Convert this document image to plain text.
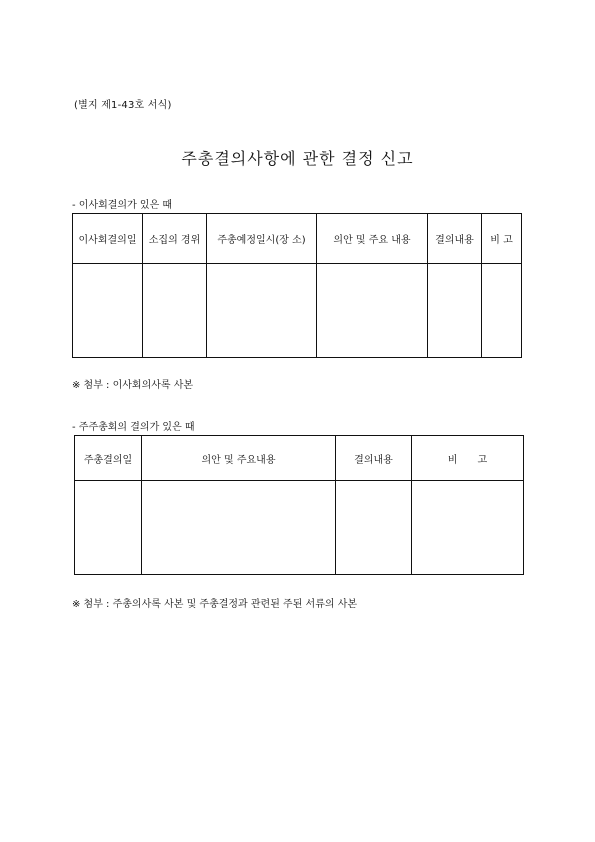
(별지 제1-43호 서식)
주총결의사항에 관한 결정 신고
- 이사회결의가 있은 때
이사회결의일	소집의 경위	주총예정일시(장 소)	의안 및 주요 내용	결의내용	비 고

※ 첨부 : 이사회의사록 사본
- 주주총회의 결의가 있은 때
주총결의일	의안 및 주요내용	결의내용	비　　고

※ 첨부 : 주총의사록 사본 및 주총결정과 관련된 주된 서류의 사본
